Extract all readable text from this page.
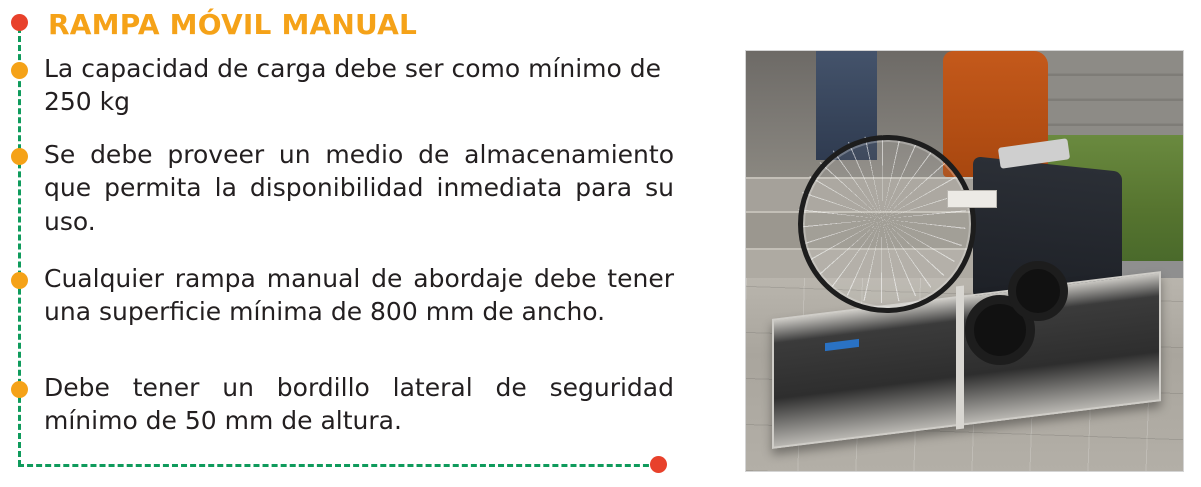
RAMPA MÓVIL MANUAL
La capacidad de carga debe ser como mínimo de 250 kg
Se debe proveer un medio de almacenamiento que permita la disponibilidad inmediata para su uso.
Cualquier rampa manual de abordaje debe tener una superficie mínima de 800 mm de ancho.
Debe tener un bordillo lateral de seguridad mínimo de 50 mm de altura.
